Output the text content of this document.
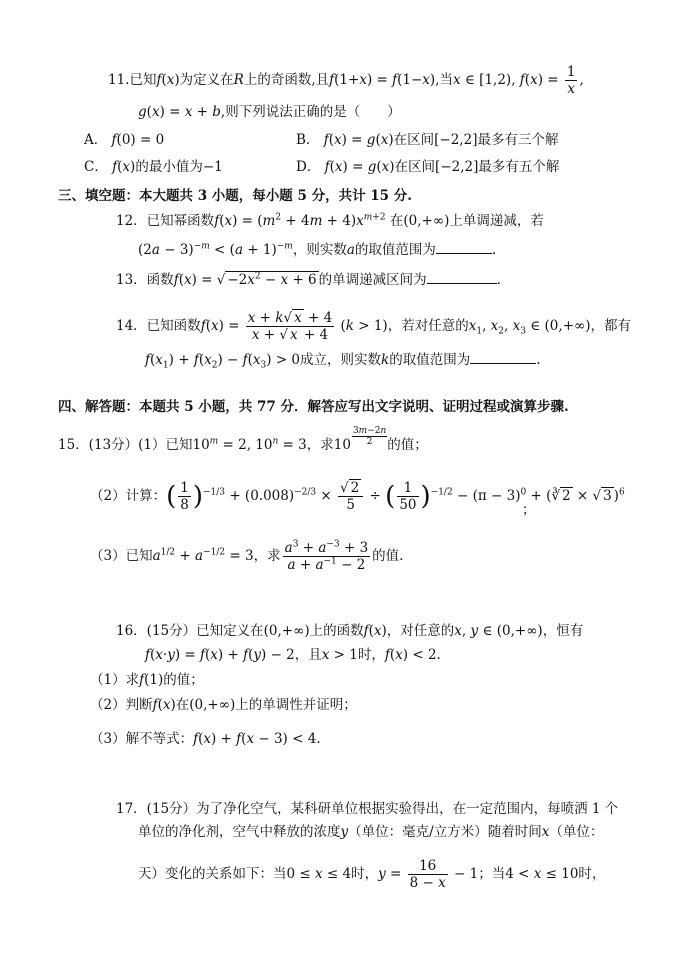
11.已知f(x)为定义在R上的奇函数,且f(1+x) = f(1−x),当x ∈ [1,2), $f(x) = \frac{1}{x}$ ,
g(x) = x + b,则下列说法正确的是（　　）
A． f(0) = 0	B． f(x) = g(x)在区间[−2,2]最多有三个解
C． f(x)的最小值为−1	D． f(x) = g(x)在区间[−2,2]最多有五个解
三、填空题：本大题共 3 小题，每小题 5 分，共计 15 分.
12．已知幂函数$f(x) = (m^2 + 4m + 4)x^{m+2}$ 在(0,+∞)上单调递减，若
$(2a - 3)^{-m} < (a + 1)^{-m}$，则实数a的取值范围为	.
13．函数f(x) = √ $-2x^2 - x + 6$ 的单调递减区间为	.
14．已知函数$f(x) = \frac{x + k√ x + 4}{x + √ x + 4} (k > 1)$，若对任意的$x_1$, $x_2$, $x_3$ ∈ (0,+∞)，都有
$f(x_1) + f(x_2) - f(x_3) > 0$成立，则实数k的取值范围为	.
四、解答题：本题共 5 小题，共 77 分．解答应写出文字说明、证明过程或演算步骤.
15．(13分）(1）已知$10^m = 2$, $10^n = 3$，求$10 \frac{3m-2n}{2}$ 的值；
（2）计算：( $\frac{1}{8} )^{-1/3} + (0.008)^{-2/3} \times \frac{√ 2}{5}$ ÷ ( $\frac{1}{50} )^{-1/2} - (\pi - 3)^0$ + (∛ 2 × √ 3 )$^6$
；
（3）已知$a^{1/2} + a^{-1/2} = 3$，求 $\frac{a^3 + a^{-3} + 3}{a + a^{-1} - 2}$ 的值.
16．(15分）已知定义在(0,+∞)上的函数f(x)，对任意的x, y ∈ (0,+∞)，恒有
f(x·y) = f(x) + f(y) − 2，且x > 1时，f(x) < 2.
（1）求f(1)的值；
（2）判断f(x)在(0,+∞)上的单调性并证明；
（3）解不等式：f(x) + f(x − 3) < 4.
17．(15分）为了净化空气，某科研单位根据实验得出，在一定范围内，每喷洒 1 个
单位的净化剂，空气中释放的浓度y（单位：毫克/立方米）随着时间x（单位：
天）变化的关系如下：当0 ≤ x ≤ 4时，$y = \frac{16}{8 - x} - 1$；当4 < x ≤ 10时，
